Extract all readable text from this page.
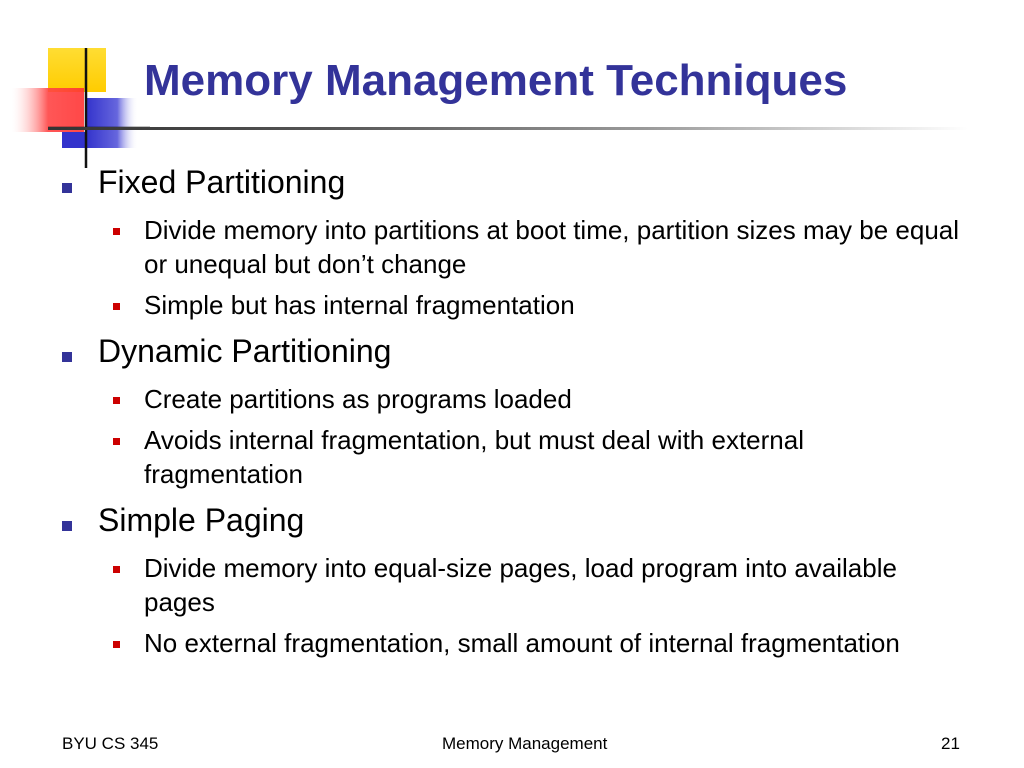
Memory Management Techniques
Fixed Partitioning
Divide memory into partitions at boot time, partition sizes may be equal or unequal but don’t change
Simple but has internal fragmentation
Dynamic Partitioning
Create partitions as programs loaded
Avoids internal fragmentation, but must deal with external fragmentation
Simple Paging
Divide memory into equal-size pages, load program into available pages
No external fragmentation, small amount of internal fragmentation
BYU CS 345	Memory Management	21
